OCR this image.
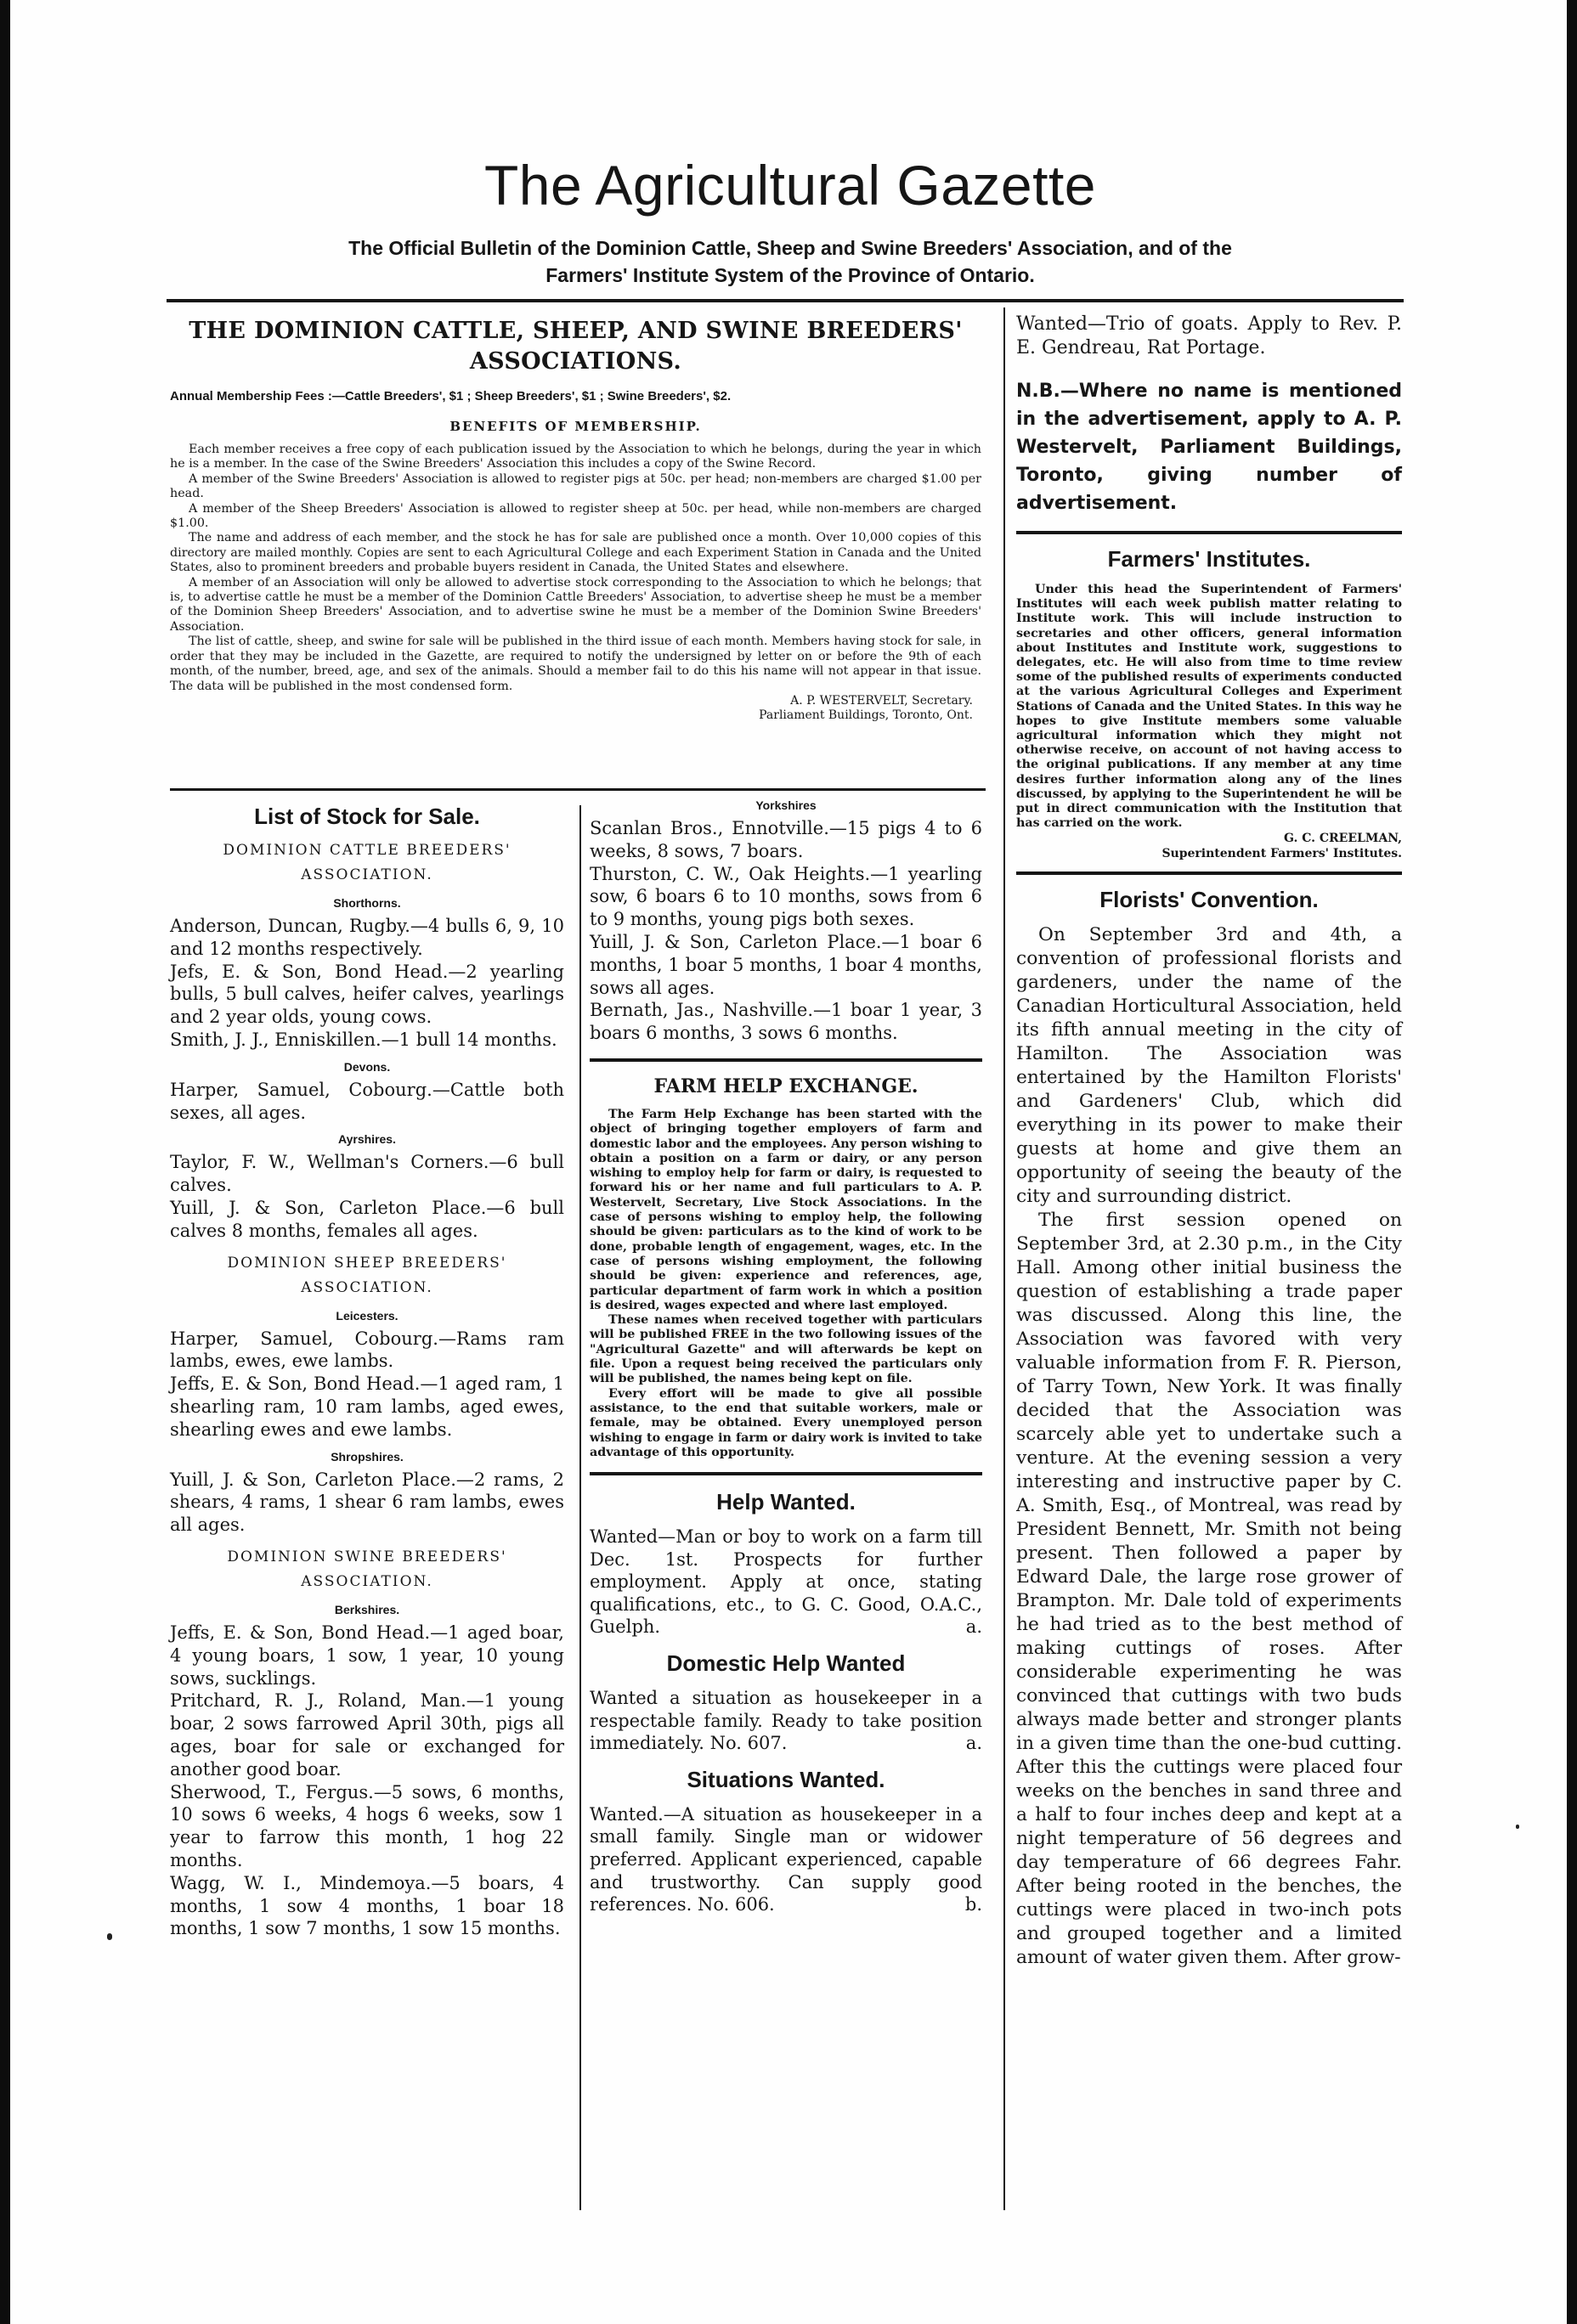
The Agricultural Gazette
The Official Bulletin of the Dominion Cattle, Sheep and Swine Breeders' Association, and of the
Farmers' Institute System of the Province of Ontario.
THE DOMINION CATTLE, SHEEP, AND SWINE BREEDERS'
ASSOCIATIONS.
Annual Membership Fees :—Cattle Breeders', $1 ; Sheep Breeders', $1 ; Swine Breeders', $2.
BENEFITS OF MEMBERSHIP.

Each member receives a free copy of each publication issued by the Association to which he belongs, during the year in which he is a member. In the case of the Swine Breeders' Association this includes a copy of the Swine Record.

A member of the Swine Breeders' Association is allowed to register pigs at 50c. per head; non-members are charged $1.00 per head.

A member of the Sheep Breeders' Association is allowed to register sheep at 50c. per head, while non-members are charged $1.00.

The name and address of each member, and the stock he has for sale are published once a month. Over 10,000 copies of this directory are mailed monthly. Copies are sent to each Agricultural College and each Experiment Station in Canada and the United States, also to prominent breeders and probable buyers resident in Canada, the United States and elsewhere.

A member of an Association will only be allowed to advertise stock corresponding to the Association to which he belongs; that is, to advertise cattle he must be a member of the Dominion Cattle Breeders' Association, to advertise sheep he must be a member of the Dominion Sheep Breeders' Association, and to advertise swine he must be a member of the Dominion Swine Breeders' Association.

The list of cattle, sheep, and swine for sale will be published in the third issue of each month. Members having stock for sale, in order that they may be included in the Gazette, are required to notify the undersigned by letter on or before the 9th of each month, of the number, breed, age, and sex of the animals. Should a member fail to do this his name will not appear in that issue. The data will be published in the most condensed form.

A. P. WESTERVELT, Secretary.
Parliament Buildings, Toronto, Ont.
List of Stock for Sale.
DOMINION CATTLE BREEDERS' ASSOCIATION.
Shorthorns.

Anderson, Duncan, Rugby.—4 bulls 6, 9, 10 and 12 months respectively.

Jefs, E. & Son, Bond Head.—2 yearling bulls, 5 bull calves, heifer calves, yearlings and 2 year olds, young cows.

Smith, J. J., Enniskillen.—1 bull 14 months.

Devons.

Harper, Samuel, Cobourg.—Cattle both sexes, all ages.

Ayrshires.

Taylor, F. W., Wellman's Corners.—6 bull calves.

Yuill, J. & Son, Carleton Place.—6 bull calves 8 months, females all ages.

DOMINION SHEEP BREEDERS' ASSOCIATION.
Leicesters.

Harper, Samuel, Cobourg.—Rams ram lambs, ewes, ewe lambs.

Jeffs, E. & Son, Bond Head.—1 aged ram, 1 shearling ram, 10 ram lambs, aged ewes, shearling ewes and ewe lambs.

Shropshires.

Yuill, J. & Son, Carleton Place.—2 rams, 2 shears, 4 rams, 1 shear 6 ram lambs, ewes all ages.

DOMINION SWINE BREEDERS' ASSOCIATION.
Berkshires.

Jeffs, E. & Son, Bond Head.—1 aged boar, 4 young boars, 1 sow, 1 year, 10 young sows, sucklings.

Pritchard, R. J., Roland, Man.—1 young boar, 2 sows farrowed April 30th, pigs all ages, boar for sale or exchanged for another good boar.

Sherwood, T., Fergus.—5 sows, 6 months, 10 sows 6 weeks, 4 hogs 6 weeks, sow 1 year to farrow this month, 1 hog 22 months.

Wagg, W. I., Mindemoya.—5 boars, 4 months, 1 sow 4 months, 1 boar 18 months, 1 sow 7 months, 1 sow 15 months.

Yorkshires

Scanlan Bros., Ennotville.—15 pigs 4 to 6 weeks, 8 sows, 7 boars.

Thurston, C. W., Oak Heights.—1 yearling sow, 6 boars 6 to 10 months, sows from 6 to 9 months, young pigs both sexes.

Yuill, J. & Son, Carleton Place.—1 boar 6 months, 1 boar 5 months, 1 boar 4 months, sows all ages.

Bernath, Jas., Nashville.—1 boar 1 year, 3 boars 6 months, 3 sows 6 months.

FARM HELP EXCHANGE.

The Farm Help Exchange has been started with the object of bringing together employers of farm and domestic labor and the employees. Any person wishing to obtain a position on a farm or dairy, or any person wishing to employ help for farm or dairy, is requested to forward his or her name and full particulars to A. P. Westervelt, Secretary, Live Stock Associations. In the case of persons wishing to employ help, the following should be given: particulars as to the kind of work to be done, probable length of engagement, wages, etc. In the case of persons wishing employment, the following should be given: experience and references, age, particular department of farm work in which a position is desired, wages expected and where last employed.

These names when received together with particulars will be published FREE in the two following issues of the "Agricultural Gazette" and will afterwards be kept on file. Upon a request being received the particulars only will be published, the names being kept on file.

Every effort will be made to give all possible assistance, to the end that suitable workers, male or female, may be obtained. Every unemployed person wishing to engage in farm or dairy work is invited to take advantage of this opportunity.

Help Wanted.

Wanted—Man or boy to work on a farm till Dec. 1st. Prospects for further employment. Apply at once, stating qualifications, etc., to G. C. Good, O.A.C., Guelph.	a.

Domestic Help Wanted

Wanted a situation as housekeeper in a respectable family. Ready to take position immediately. No. 607.	a.

Situations Wanted.

Wanted.—A situation as housekeeper in a small family. Single man or widower preferred. Applicant experienced, capable and trustworthy. Can supply good references. No. 606.	b.

Wanted—Trio of goats. Apply to Rev. P. E. Gendreau, Rat Portage.

N.B.—Where no name is mentioned in the advertisement, apply to A. P. Westervelt, Parliament Buildings, Toronto, giving number of advertisement.
Farmers' Institutes.

Under this head the Superintendent of Farmers' Institutes will each week publish matter relating to Institute work. This will include instruction to secretaries and other officers, general information about Institutes and Institute work, suggestions to delegates, etc. He will also from time to time review some of the published results of experiments conducted at the various Agricultural Colleges and Experiment Stations of Canada and the United States. In this way he hopes to give Institute members some valuable agricultural information which they might not otherwise receive, on account of not having access to the original publications. If any member at any time desires further information along any of the lines discussed, by applying to the Superintendent he will be put in direct communication with the Institution that has carried on the work.

G. C. CREELMAN,
Superintendent Farmers' Institutes.
Florists' Convention.

On September 3rd and 4th, a convention of professional florists and gardeners, under the name of the Canadian Horticultural Association, held its fifth annual meeting in the city of Hamilton. The Association was entertained by the Hamilton Florists' and Gardeners' Club, which did everything in its power to make their guests at home and give them an opportunity of seeing the beauty of the city and surrounding district.

The first session opened on September 3rd, at 2.30 p.m., in the City Hall. Among other initial business the question of establishing a trade paper was discussed. Along this line, the Association was favored with very valuable information from F. R. Pierson, of Tarry Town, New York. It was finally decided that the Association was scarcely able yet to undertake such a venture. At the evening session a very interesting and instructive paper by C. A. Smith, Esq., of Montreal, was read by President Bennett, Mr. Smith not being present. Then followed a paper by Edward Dale, the large rose grower of Brampton. Mr. Dale told of experiments he had tried as to the best method of making cuttings of roses. After considerable experimenting he was convinced that cuttings with two buds always made better and stronger plants in a given time than the one-bud cutting. After this the cuttings were placed four weeks on the benches in sand three and a half to four inches deep and kept at a night temperature of 56 degrees and day temperature of 66 degrees Fahr. After being rooted in the benches, the cuttings were placed in two-inch pots and grouped together and a limited amount of water given them. After grow-
